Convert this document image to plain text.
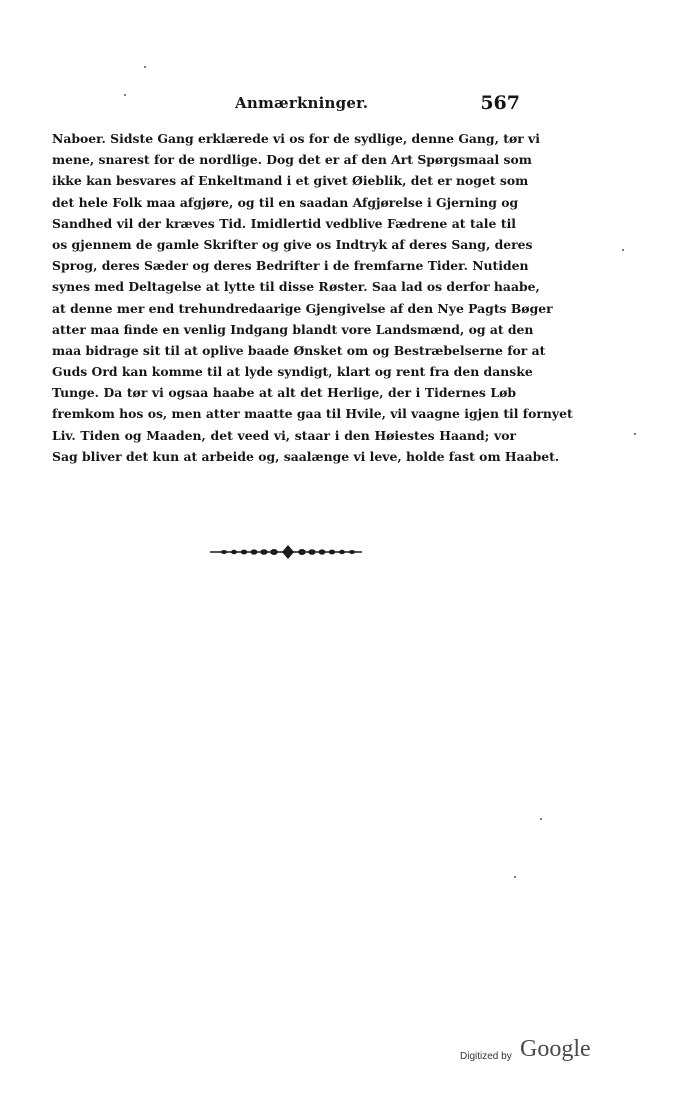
Anmærkninger.	567
Naboer. Sidste Gang erklærede vi os for de sydlige, denne Gang, tør vi
mene, snarest for de nordlige. Dog det er af den Art Spørgsmaal som
ikke kan besvares af Enkeltmand i et givet Øieblik, det er noget som
det hele Folk maa afgjøre, og til en saadan Afgjørelse i Gjerning og
Sandhed vil der kræves Tid. Imidlertid vedblive Fædrene at tale til
os gjennem de gamle Skrifter og give os Indtryk af deres Sang, deres
Sprog, deres Sæder og deres Bedrifter i de fremfarne Tider. Nutiden
synes med Deltagelse at lytte til disse Røster. Saa lad os derfor haabe,
at denne mer end trehundredaarige Gjengivelse af den Nye Pagts Bøger
atter maa finde en venlig Indgang blandt vore Landsmænd, og at den
maa bidrage sit til at oplive baade Ønsket om og Bestræbelserne for at
Guds Ord kan komme til at lyde syndigt, klart og rent fra den danske
Tunge. Da tør vi ogsaa haabe at alt det Herlige, der i Tidernes Løb
fremkom hos os, men atter maatte gaa til Hvile, vil vaagne igjen til fornyet
Liv. Tiden og Maaden, det veed vi, staar i den Høiestes Haand; vor
Sag bliver det kun at arbeide og, saalænge vi leve, holde fast om Haabet.
Digitized by Google
